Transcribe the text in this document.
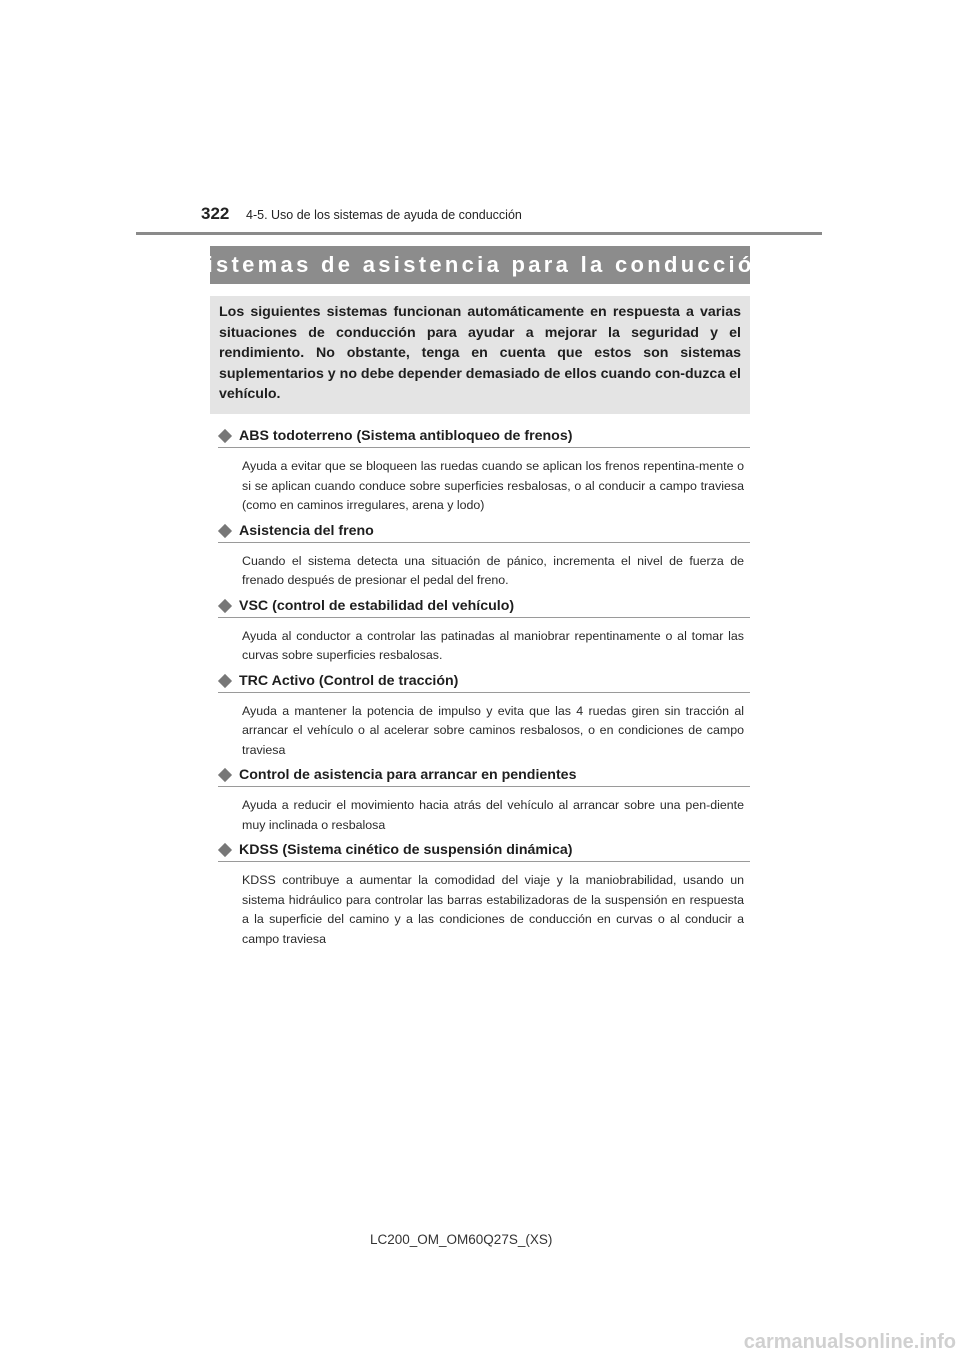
322 4-5. Uso de los sistemas de ayuda de conducción
Sistemas de asistencia para la conducción

Los siguientes sistemas funcionan automáticamente en respuesta a varias situaciones de conducción para ayudar a mejorar la seguridad y el rendimiento. No obstante, tenga en cuenta que estos son sistemas suplementarios y no debe depender demasiado de ellos cuando con-duzca el vehículo.

ABS todoterreno (Sistema antibloqueo de frenos)

Ayuda a evitar que se bloqueen las ruedas cuando se aplican los frenos repentina-mente o si se aplican cuando conduce sobre superficies resbalosas, o al conducir a campo traviesa (como en caminos irregulares, arena y lodo)

Asistencia del freno

Cuando el sistema detecta una situación de pánico, incrementa el nivel de fuerza de frenado después de presionar el pedal del freno.

VSC (control de estabilidad del vehículo)

Ayuda al conductor a controlar las patinadas al maniobrar repentinamente o al tomar las curvas sobre superficies resbalosas.

TRC Activo (Control de tracción)

Ayuda a mantener la potencia de impulso y evita que las 4 ruedas giren sin tracción al arrancar el vehículo o al acelerar sobre caminos resbalosos, o en condiciones de campo traviesa

Control de asistencia para arrancar en pendientes

Ayuda a reducir el movimiento hacia atrás del vehículo al arrancar sobre una pen-diente muy inclinada o resbalosa

KDSS (Sistema cinético de suspensión dinámica)

KDSS contribuye a aumentar la comodidad del viaje y la maniobrabilidad, usando un sistema hidráulico para controlar las barras estabilizadoras de la suspensión en respuesta a la superficie del camino y a las condiciones de conducción en curvas o al conducir a campo traviesa

LC200_OM_OM60Q27S_(XS)
carmanualsonline.info
